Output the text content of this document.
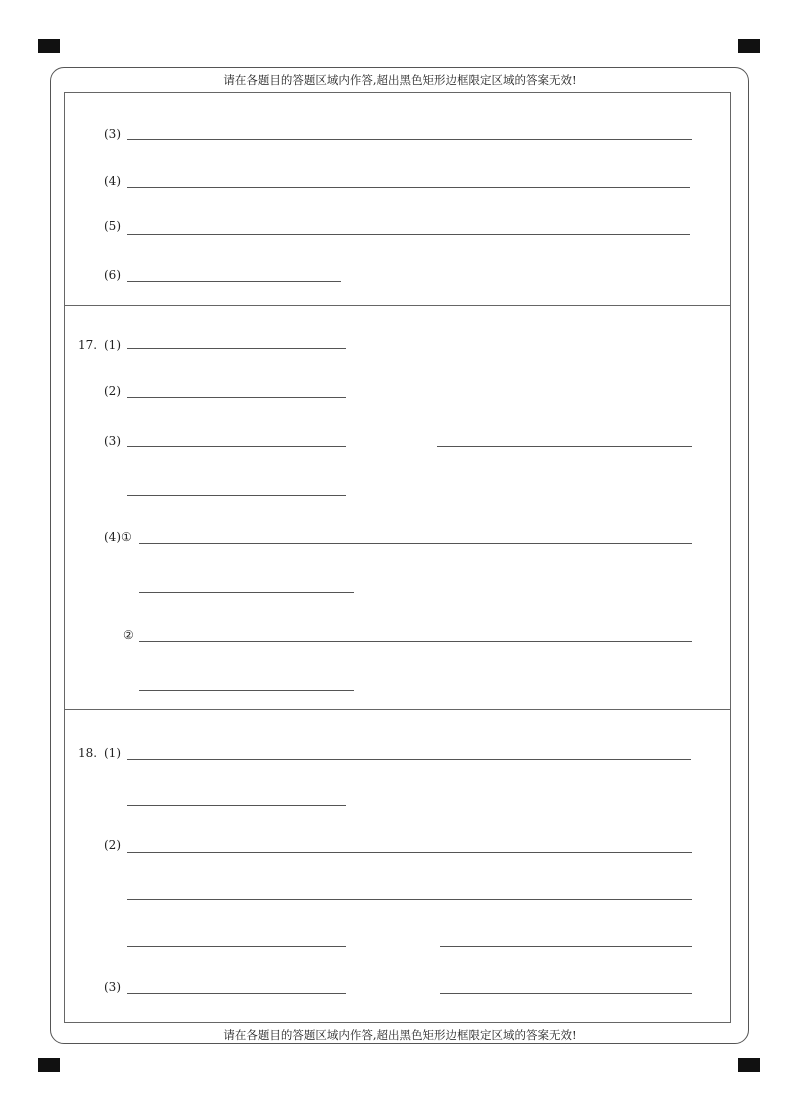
请在各题目的答题区域内作答,超出黑色矩形边框限定区域的答案无效!
请在各题目的答题区域内作答,超出黑色矩形边框限定区域的答案无效!
(3)
(4)
(5)
(6)
17. (1)
(2)
(3)
(4)①
②
18. (1)
(2)
(3)
